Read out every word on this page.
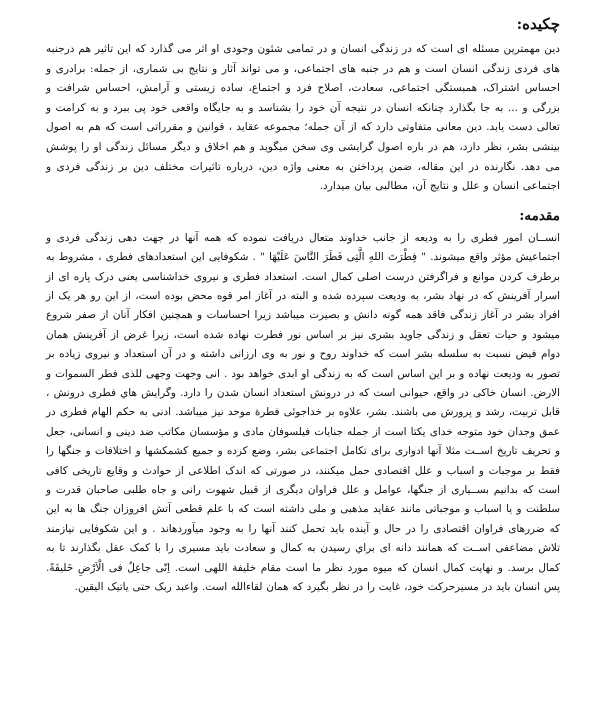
چکیده:

دین مهمترین مسئله ای است که در زندگی انسان و در تمامی شئون وجودی او اثر می گذارد که این تاثیر هم درجنبه های فردی زندگی انسان است و هم در جنبه های اجتماعی، و می تواند آثار و نتایج بی شماری، از جمله: برادری و احساس اشتراک، همبستگی اجتماعی، سعادت، اصلاح فرد و اجتماع، ساده زیستی و آرامش، احساس شرافت و بزرگی و ... به جا بگذارد چنانکه انسان در نتیجه آن خود را بشناسد و به جایگاه واقعی خود پی ببرد و به کرامت و تعالی دست یابد. دین معانی متفاوتی دارد که از آن جمله؛ مجموعه عقاید ، قوانین و مقرراتی است که هم به اصول بینشی بشر، نظر دارد، هم در باره اصول گرایشی وی سخن میگوید و هم اخلاق و دیگر مسائل زندگی او را پوشش می دهد. نگارنده در این مقاله، ضمن پرداختن به معنی واژه دین، درباره تاثیرات مختلف دین بر زندگی فردی و اجتماعی انسان و علل و نتایج آن، مطالبی بیان میدارد.

مقدمه:

انســان امور فطری را به ودیعه از جانب خداوند متعال دریافت نموده که همه آنها در جهت دهی زندگی فردی و اجتماعیش مؤثر واقع میشوند. " فِطْرَتَ اللهِ الَّتِی فَطَرَ النَّاسَ عَلَیْهَا " . شکوفایی این استعدادهای فطری ، مشروط به برطرف کردن موانع و فراگرفتن درست اصلی کمال است. استعداد فطری و نیروی خداشناسی یعنی درک پاره ای از اسرار آفرینش که در نهاد بشر، به ودیعت سپرده شده و البته در آغاز امر قوه محض بوده است، از این رو هر یک از افراد بشر در آغاز زندگی فاقد همه گونه دانش و بصیرت میباشد زیرا احساسات و همچنین افکار آنان از صفر شروع میشود و حیات تعقل و زندگی جاوید بشری نیز بر اساس نور فطرت نهاده شده است، زیرا غرض از آفرینش همان دوام فیض نسبت به سلسله بشر است که خداوند روح و نور به وی ارزانی داشته و در آن استعداد و نیروی زیاده بر تصور به ودیعت نهاده و بر این اساس است که به زندگی او ابدی خواهد بود . انی وجهت وجهی للذی فطر السموات و الارض. انسان خاکی در واقع، حیوانی است که در درونش استعداد انسان شدن را دارد. وگرایش هاي فطری درونش ، قابل تربیت، رشد و پرورش می باشند. بشر، علاوه بر خداجوئی فطرة موحد نیز میباشد. ادنی به حکم الهام فطری در عمق وجدان خود متوجه خدای یکتا است از جمله جنایات فیلسوفان مادی و مؤسسان مکاتب ضد دینی و انسانی، جعل و تحریف تاریخ اســت مثلا آنها ادواری برای تکامل اجتماعی بشر، وضع کرده و جمیع کشمکشها و اختلافات و جنگها را فقط بر موجبات و اسباب و علل اقتصادی حمل میکنند، در صورتی که اندک اطلاعی از حوادث و وقایع تاریخی کافی است که بدانیم بســیاری از جنگها، عوامل و علل فراوان دیگری از قبیل شهوت رانی و جاه طلبی صاحبان قدرت و سلطنت و یا اسباب و موجباتی مانند عقاید مذهبی و ملی داشته است که با علم قطعی آتش افروزان جنگ ها به این که ضررهای فراوان اقتصادی را در حال و آینده باید تحمل کنند آنها را به وجود میآوردهاند . و این شکوفایی نیازمند تلاش مضاعفی اســت که همانند دانه ای براي رسیدن به کمال و سعادت باید مسیری را با کمک عقل بگذارند تا به کمال برسد. و نهایت کمال انسان که میوه مورد نظر ما است مقام خلیفة اللهی است. اِنّی جاعِلٌ فی الْاَرْضِ خَلیفَةً. پس انسان باید در مسیرحرکت خود، غایت را در نظر بگیرد که همان لقاءالله است. واعبد ربک حتی یاتیک الیقین.
